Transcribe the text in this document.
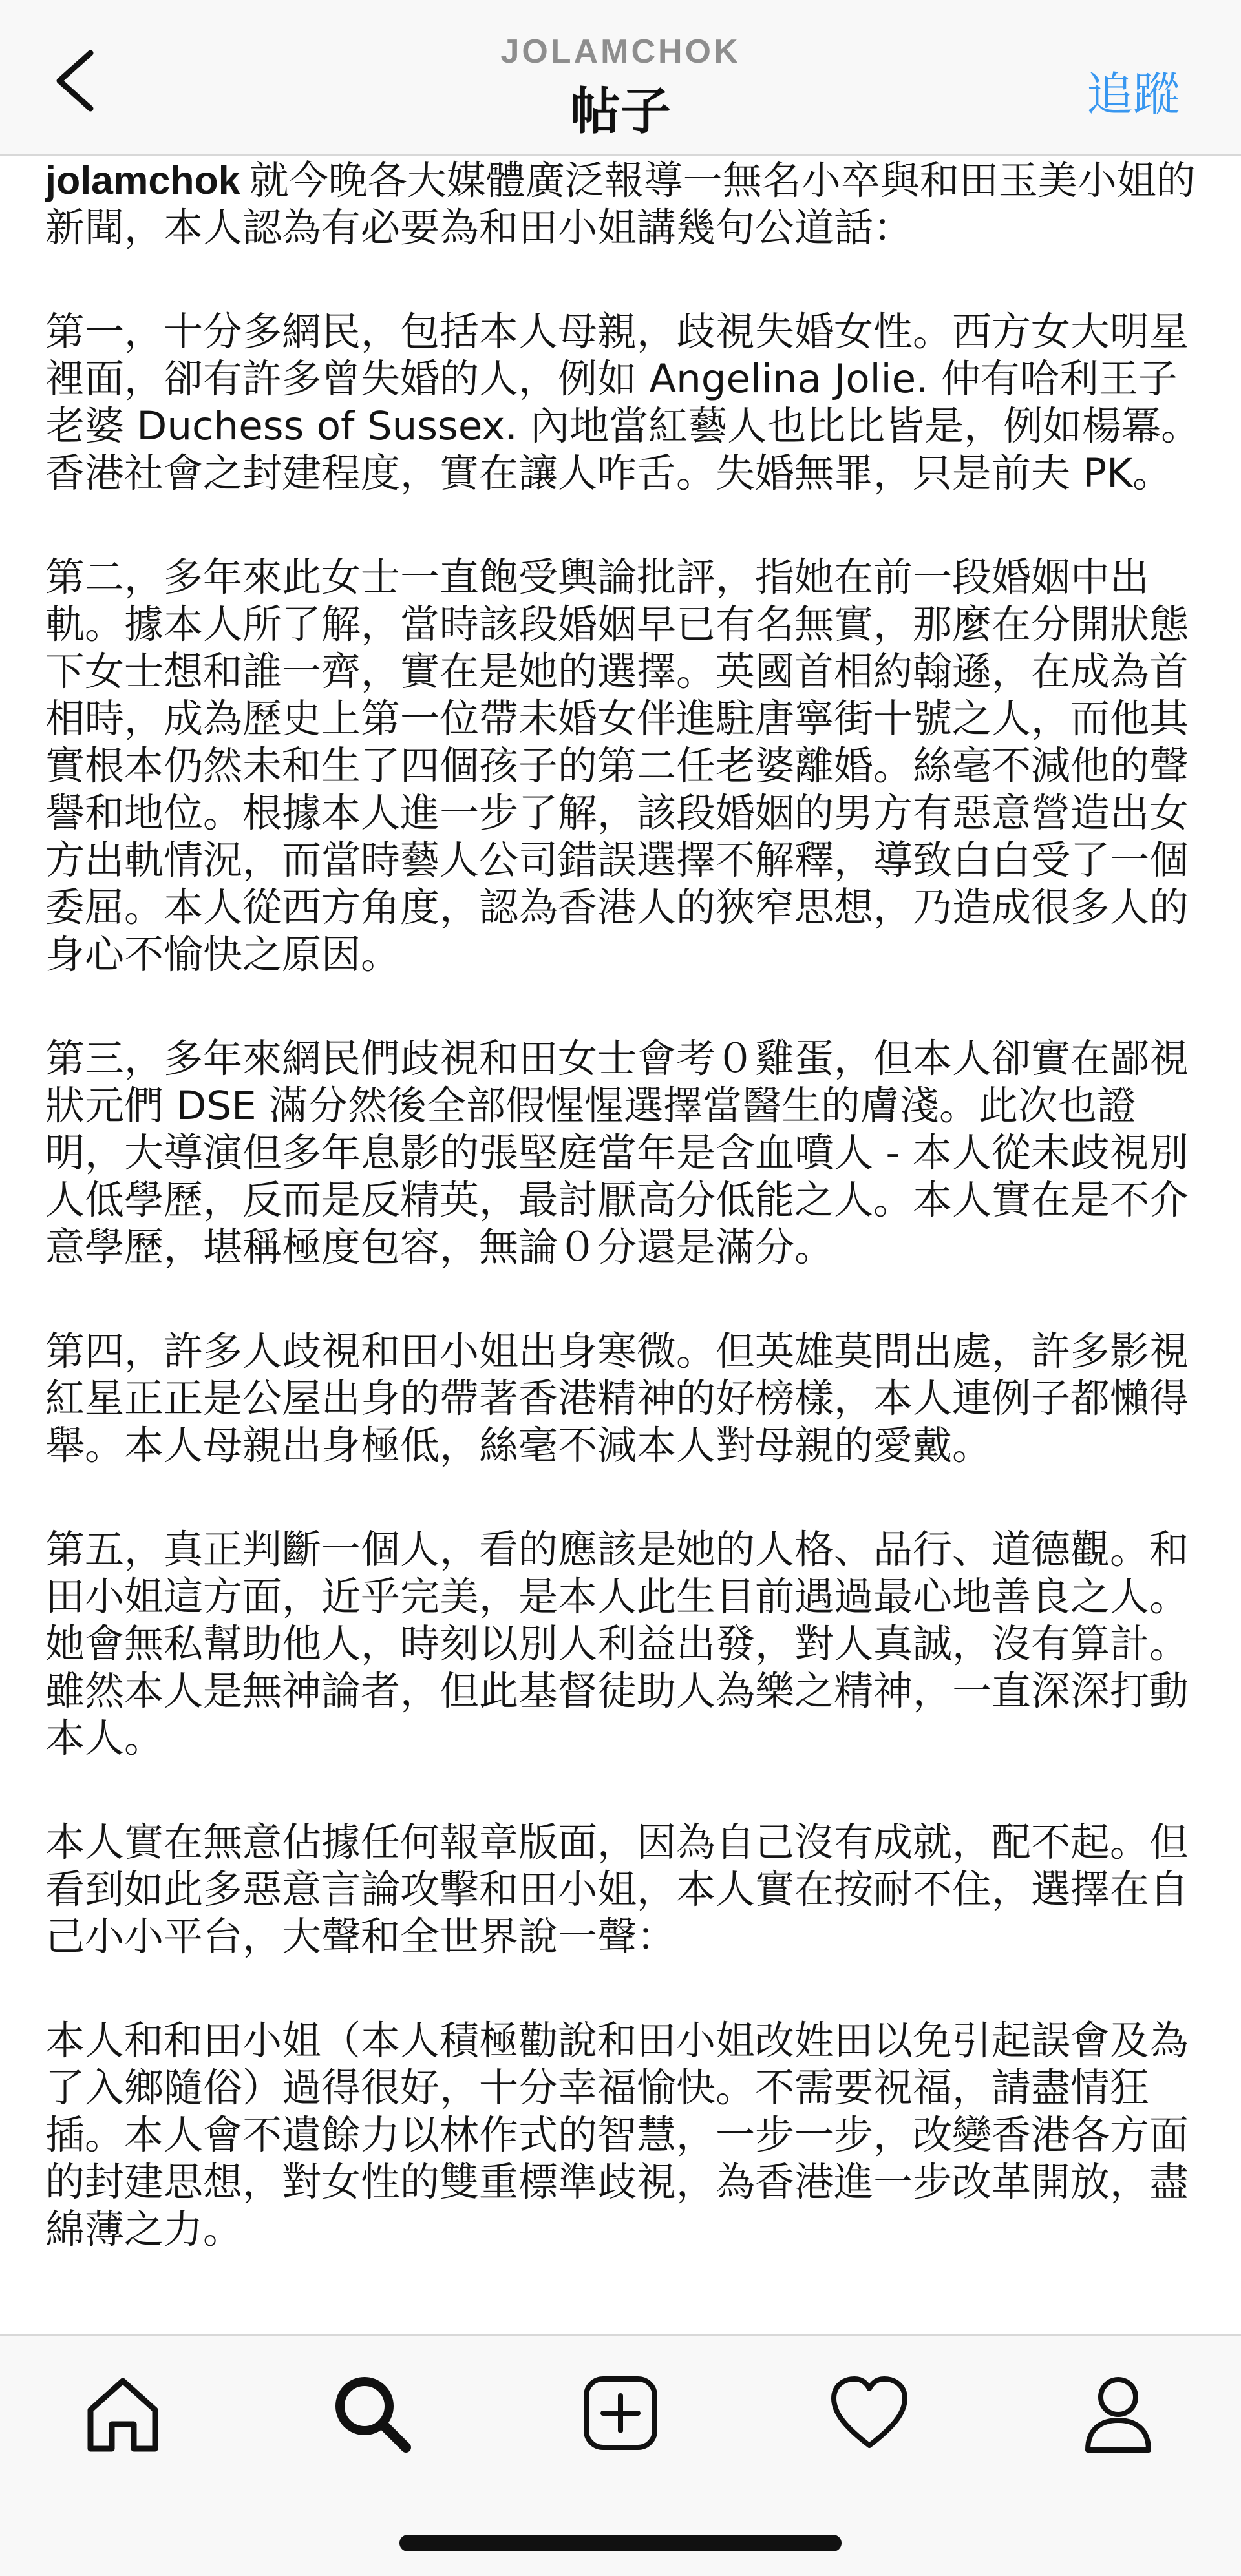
JOLAMCHOK
帖子	追蹤

jolamchok 就今晚各大媒體廣泛報導一無名小卒與和田玉美小姐的新聞，本人認為有必要為和田小姐講幾句公道話：

第一，十分多網民，包括本人母親，歧視失婚女性。西方女大明星裡面，卻有許多曾失婚的人，例如 Angelina Jolie. 仲有哈利王子老婆 Duchess of Sussex. 內地當紅藝人也比比皆是，例如楊冪。香港社會之封建程度，實在讓人咋舌。失婚無罪，只是前夫 PK。

第二，多年來此女士一直飽受輿論批評，指她在前一段婚姻中出軌。據本人所了解，當時該段婚姻早已有名無實，那麼在分開狀態下女士想和誰一齊，實在是她的選擇。英國首相約翰遜，在成為首相時，成為歷史上第一位帶未婚女伴進駐唐寧街十號之人，而他其實根本仍然未和生了四個孩子的第二任老婆離婚。絲毫不減他的聲譽和地位。根據本人進一步了解，該段婚姻的男方有惡意營造出女方出軌情況，而當時藝人公司錯誤選擇不解釋，導致白白受了一個委屈。本人從西方角度，認為香港人的狹窄思想，乃造成很多人的身心不愉快之原因。

第三，多年來網民們歧視和田女士會考０雞蛋，但本人卻實在鄙視狀元們 DSE 滿分然後全部假惺惺選擇當醫生的膚淺。此次也證明，大導演但多年息影的張堅庭當年是含血噴人 - 本人從未歧視別人低學歷，反而是反精英，最討厭高分低能之人。本人實在是不介意學歷，堪稱極度包容，無論０分還是滿分。

第四，許多人歧視和田小姐出身寒微。但英雄莫問出處，許多影視紅星正正是公屋出身的帶著香港精神的好榜樣，本人連例子都懶得舉。本人母親出身極低，絲毫不減本人對母親的愛戴。

第五，真正判斷一個人，看的應該是她的人格、品行、道德觀。和田小姐這方面，近乎完美，是本人此生目前遇過最心地善良之人。她會無私幫助他人，時刻以別人利益出發，對人真誠，沒有算計。雖然本人是無神論者，但此基督徒助人為樂之精神，一直深深打動本人。

本人實在無意佔據任何報章版面，因為自己沒有成就，配不起。但看到如此多惡意言論攻擊和田小姐，本人實在按耐不住，選擇在自己小小平台，大聲和全世界說一聲：

本人和和田小姐（本人積極勸說和田小姐改姓田以免引起誤會及為了入鄉隨俗）過得很好，十分幸福愉快。不需要祝福，請盡情狂插。本人會不遺餘力以林作式的智慧，一步一步，改變香港各方面的封建思想，對女性的雙重標準歧視，為香港進一步改革開放，盡綿薄之力。
